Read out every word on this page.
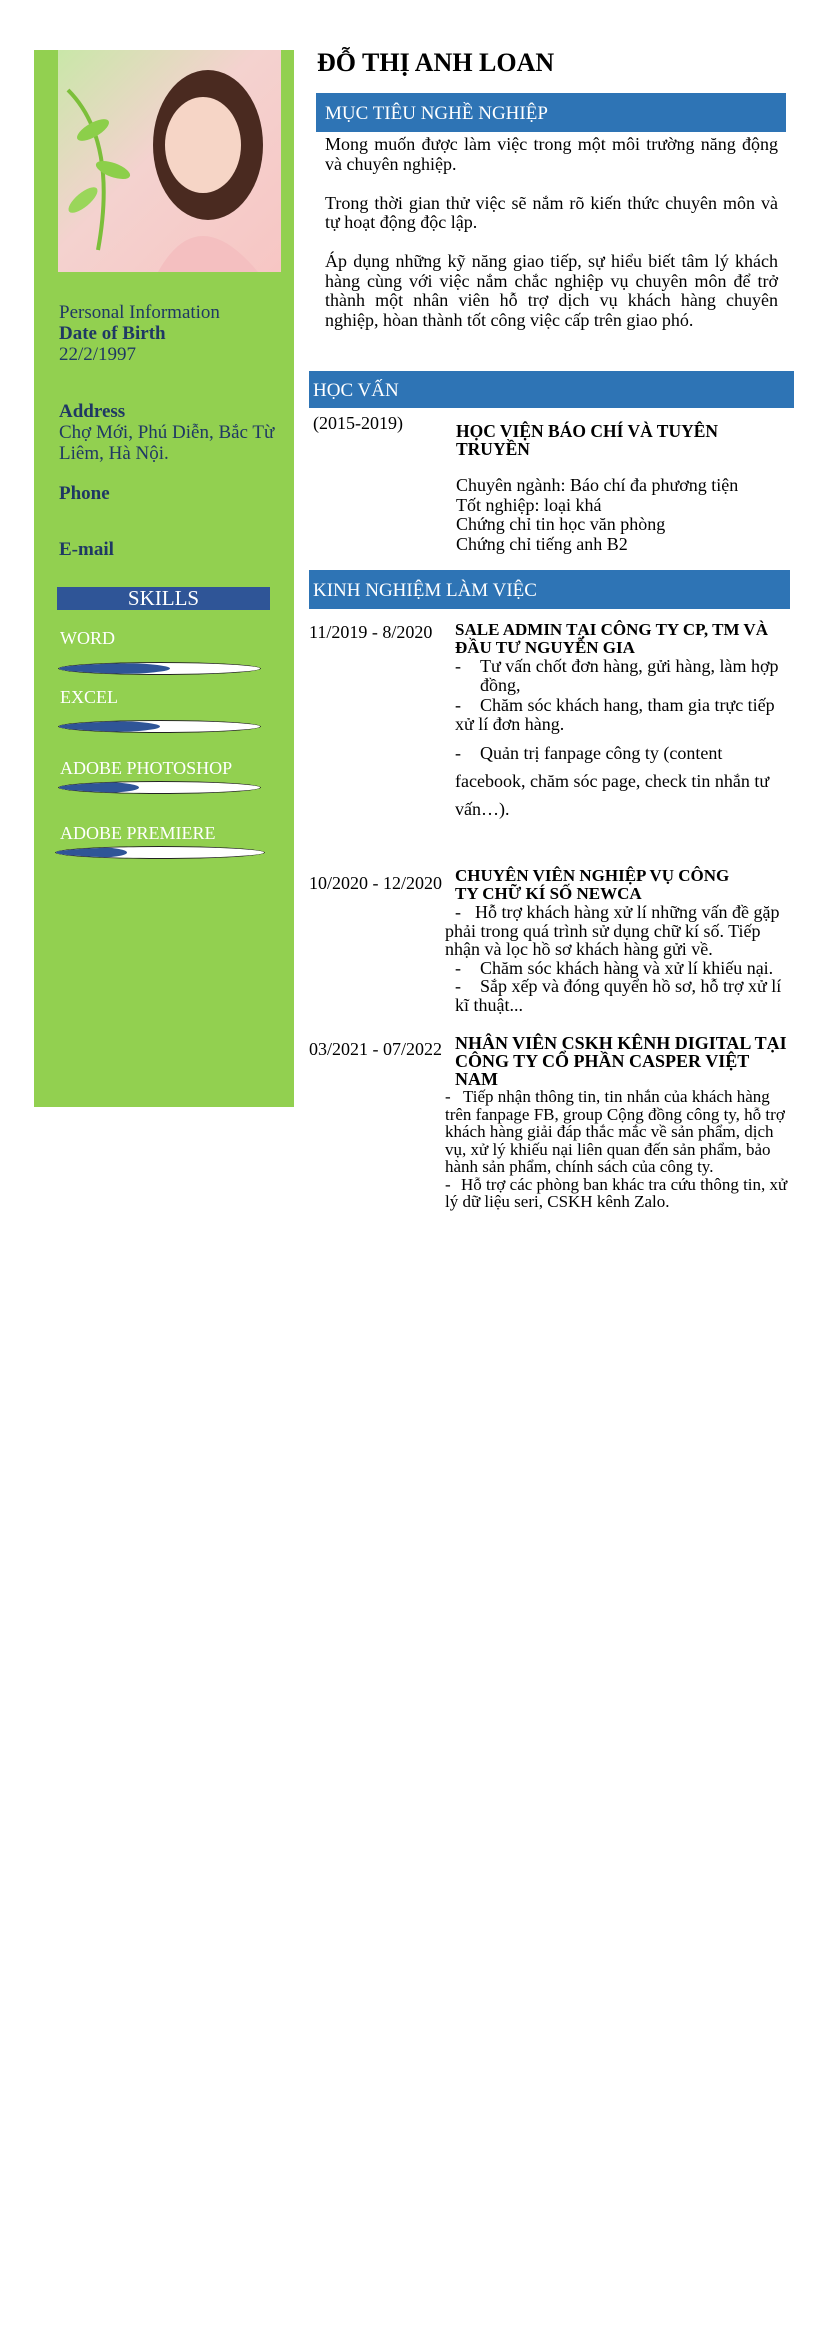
Personal Information
Date of Birth
22/2/1997
Address
Chợ Mới, Phú Diễn, Bắc Từ Liêm, Hà Nội.
Phone
E-mail
SKILLS
WORD
EXCEL
ADOBE PHOTOSHOP
ADOBE PREMIERE
ĐỖ THỊ ANH LOAN
MỤC TIÊU NGHỀ NGHIỆP

Mong muốn được làm việc trong một môi trường năng động và chuyên nghiệp.

Trong thời gian thử việc sẽ nắm rõ kiến thức chuyên môn và tự hoạt động độc lập.

Áp dụng những kỹ năng giao tiếp, sự hiểu biết tâm lý khách hàng cùng với việc nắm chắc nghiệp vụ chuyên môn để trở thành một nhân viên hỗ trợ dịch vụ khách hàng chuyên nghiệp, hòan thành tốt công việc cấp trên giao phó.

HỌC VẤN
(2015-2019)	HỌC VIỆN BÁO CHÍ VÀ TUYÊN TRUYỀN
Chuyên ngành: Báo chí đa phương tiện
Tốt nghiệp: loại khá
Chứng chỉ tin học văn phòng
Chứng chỉ tiếng anh B2
KINH NGHIỆM LÀM VIỆC
11/2019 - 8/2020	SALE ADMIN TẠI CÔNG TY CP, TM VÀ ĐẦU TƯ NGUYỄN GIA
-	Tư vấn chốt đơn hàng, gửi hàng, làm hợp đồng,
- Chăm sóc khách hang, tham gia trực tiếp xử lí đơn hàng.
- Quản trị fanpage công ty (content facebook, chăm sóc page, check tin nhắn tư vấn…).
10/2020 - 12/2020 CHUYÊN VIÊN NGHIỆP VỤ CÔNG TY CHỮ KÍ SỐ NEWCA
- Hỗ trợ khách hàng xử lí những vấn đề gặp phải trong quá trình sử dụng chữ kí số. Tiếp nhận và lọc hồ sơ khách hàng gửi về.
- Chăm sóc khách hàng và xử lí khiếu nại.
- Sắp xếp và đóng quyển hồ sơ, hỗ trợ xử lí kĩ thuật...
03/2021 - 07/2022 NHÂN VIÊN CSKH KÊNH DIGITAL TẠI CÔNG TY CỔ PHẦN CASPER VIỆT NAM
- Tiếp nhận thông tin, tin nhắn của khách hàng trên fanpage FB, group Cộng đồng công ty, hỗ trợ khách hàng giải đáp thắc mắc về sản phẩm, dịch vụ, xử lý khiếu nại liên quan đến sản phẩm, bảo hành sản phẩm, chính sách của công ty.
- Hỗ trợ các phòng ban khác tra cứu thông tin, xử lý dữ liệu seri, CSKH kênh Zalo.
